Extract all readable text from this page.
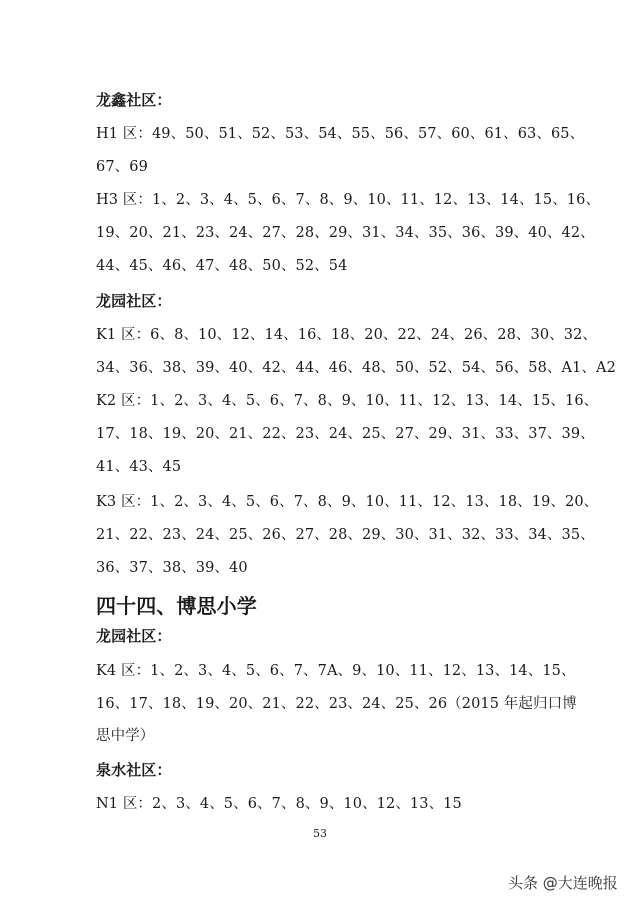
龙鑫社区：
H1 区：49、50、51、52、53、54、55、56、57、60、61、63、65、
67、69
H3 区：1、2、3、4、5、6、7、8、9、10、11、12、13、14、15、16、
19、20、21、23、24、27、28、29、31、34、35、36、39、40、42、
44、45、46、47、48、50、52、54
龙园社区：
K1 区：6、8、10、12、14、16、18、20、22、24、26、28、30、32、
34、36、38、39、40、42、44、46、48、50、52、54、56、58、A1、A2
K2 区：1、2、3、4、5、6、7、8、9、10、11、12、13、14、15、16、
17、18、19、20、21、22、23、24、25、27、29、31、33、37、39、
41、43、45
K3 区：1、2、3、4、5、6、7、8、9、10、11、12、13、18、19、20、
21、22、23、24、25、26、27、28、29、30、31、32、33、34、35、
36、37、38、39、40
四十四、博思小学
龙园社区：
K4 区：1、2、3、4、5、6、7、7A、9、10、11、12、13、14、15、
16、17、18、19、20、21、22、23、24、25、26（2015 年起归口博
思中学）
泉水社区：
N1 区：2、3、4、5、6、7、8、9、10、12、13、15
53
头条 @大连晚报
